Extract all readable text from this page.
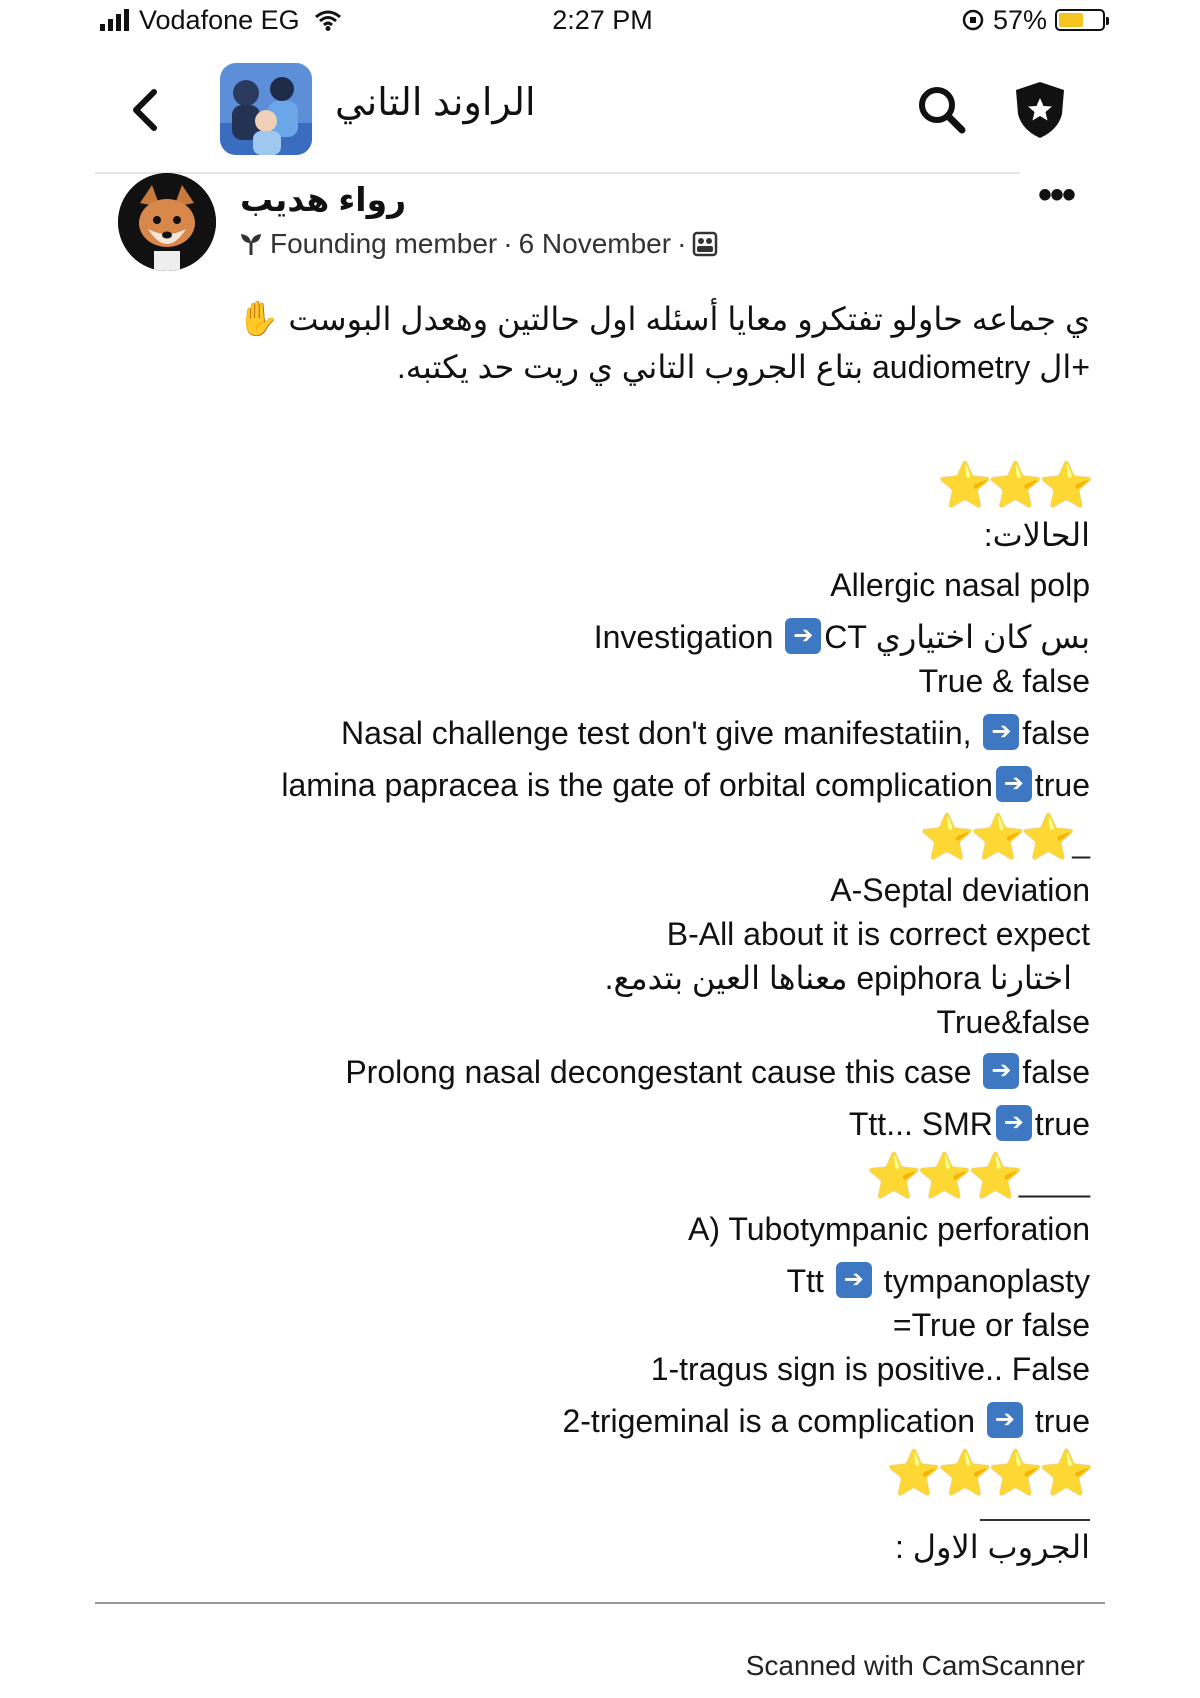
Vodafone EG	2:27 PM	57%
الراوند التاني
رواء هديب
Founding member · 6 November ·
•••
ي جماعه حاولو تفتكرو معايا أسئله اول حالتين وهعدل البوست ✋
+ال audiometry بتاع الجروب التاني ي ريت حد يكتبه.
⭐⭐⭐
الحالات:
Allergic nasal polp
Investigation ➔ بس كان اختياري CT
True & false
Nasal challenge test don't give manifestatiin, ➔ false
lamina papracea is the gate of orbital complication ➔ true
⭐⭐⭐_
A-Septal deviation
B-All about it is correct expect
اختارنا epiphora معناها العين بتدمع.
True&false
Prolong nasal decongestant cause this case ➔ false
Ttt... SMR ➔ true
⭐⭐⭐____
A) Tubotympanic perforation
Ttt ➔ tympanoplasty
=True or false
1-tragus sign is positive.. False
2-trigeminal is a complication ➔ true
⭐⭐⭐⭐
الجروب الاول :
Scanned with CamScanner
